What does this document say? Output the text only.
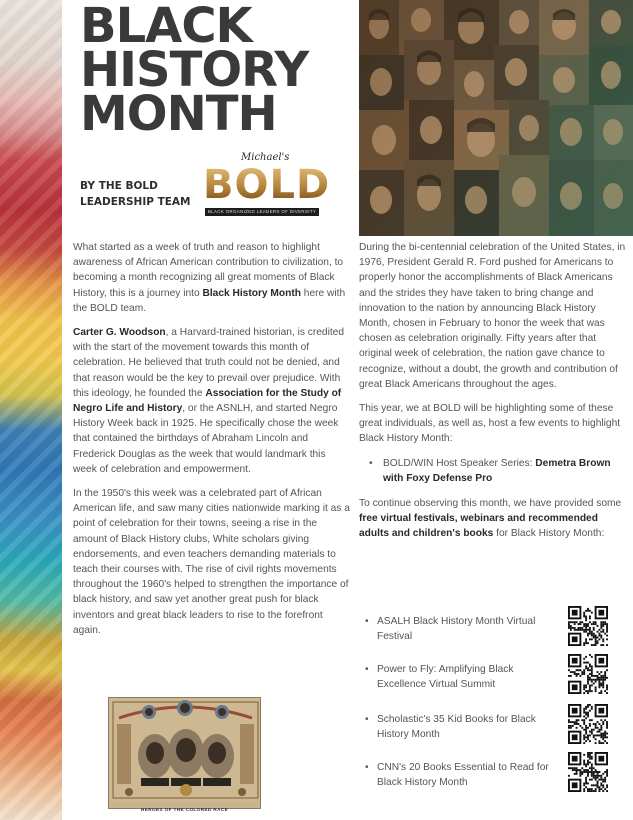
BLACK
HISTORY
MONTH
BY THE BOLD
LEADERSHIP TEAM
Michael's
BOLD
BLACK ORGANIZED LEADERS OF DIVERSITY

What started as a week of truth and reason to highlight awareness of African American contribution to civilization, to becoming a month recognizing all great moments of Black History, this is a journey into Black History Month here with the BOLD team.

Carter G. Woodson, a Harvard-trained historian, is credited with the start of the movement towards this month of celebration. He believed that truth could not be denied, and that reason would be the key to prevail over prejudice. With this ideology, he founded the Association for the Study of Negro Life and History, or the ASNLH, and started Negro History Week back in 1925. He specifically chose the week that contained the birthdays of Abraham Lincoln and Frederick Douglas as the week that would landmark this week of celebration and empowerment.

In the 1950's this week was a celebrated part of African American life, and saw many cities nationwide marking it as a point of celebration for their towns, seeing a rise in the amount of Black History clubs, White scholars giving endorsements, and even teachers demanding materials to teach their courses with. The rise of civil rights movements throughout the 1960's helped to strengthen the importance of black history, and saw yet another great push for black inventors and great black leaders to rise to the forefront again.

During the bi-centennial celebration of the United States, in 1976, President Gerald R. Ford pushed for Americans to properly honor the accomplishments of Black Americans and the strides they have taken to bring change and innovation to the nation by announcing Black History Month, chosen in February to honor the week that was chosen as celebration originally. Fifty years after that original week of celebration, the nation gave chance to recognize, without a doubt, the growth and contribution of great Black Americans throughout the ages.

This year, we at BOLD will be highlighting some of these great individuals, as well as, host a few events to highlight Black History Month:

• BOLD/WIN Host Speaker Series: Demetra Brown with Foxy Defense Pro

To continue observing this month, we have provided some free virtual festivals, webinars and recommended adults and children's books for Black History Month:

• ASALH Black History Month Virtual Festival
• Power to Fly: Amplifying Black Excellence Virtual Summit
• Scholastic's 35 Kid Books for Black History Month
• CNN's 20 Books Essential to Read for Black History Month
HEROES OF THE COLORED RACE
